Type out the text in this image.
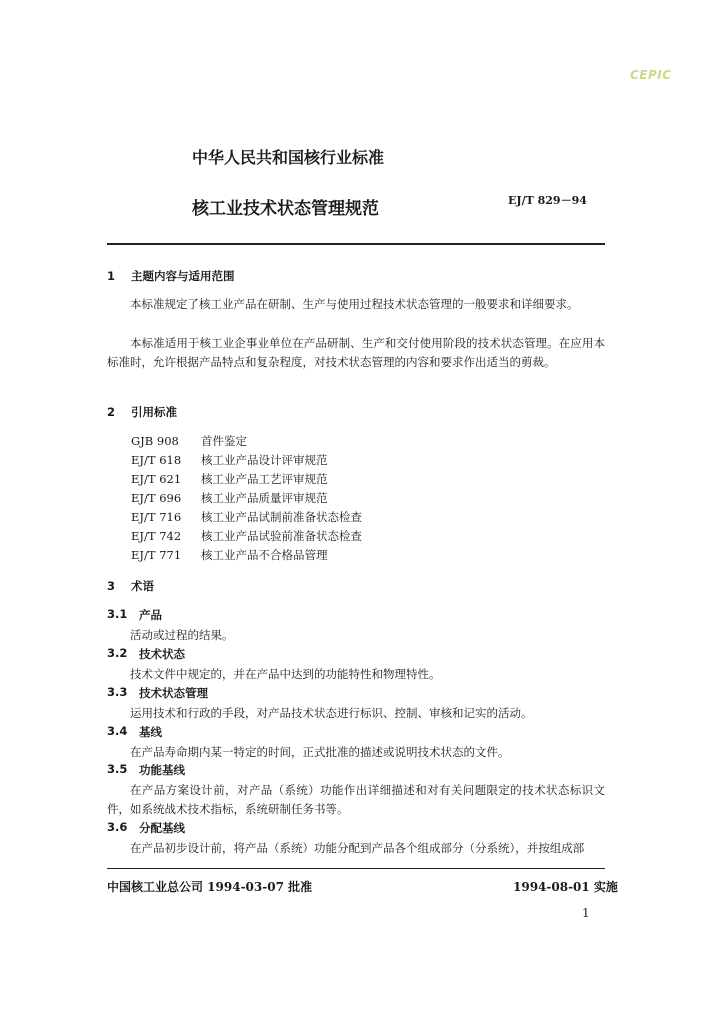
CEPIC
中华人民共和国核行业标准
核工业技术状态管理规范	EJ/T 829－94
1 主题内容与适用范围
本标准规定了核工业产品在研制、生产与使用过程技术状态管理的一般要求和详细要求。
本标准适用于核工业企事业单位在产品研制、生产和交付使用阶段的技术状态管理。在应用本标准时，允许根据产品特点和复杂程度，对技术状态管理的内容和要求作出适当的剪裁。
2 引用标准
GJB 908 首件鉴定
EJ/T 618 核工业产品设计评审规范
EJ/T 621 核工业产品工艺评审规范
EJ/T 696 核工业产品质量评审规范
EJ/T 716 核工业产品试制前准备状态检查
EJ/T 742 核工业产品试验前准备状态检查
EJ/T 771 核工业产品不合格品管理
3 术语
3.1 产品
活动或过程的结果。
3.2 技术状态
技术文件中规定的，并在产品中达到的功能特性和物理特性。
3.3 技术状态管理
运用技术和行政的手段，对产品技术状态进行标识、控制、审核和记实的活动。
3.4 基线
在产品寿命期内某一特定的时间，正式批准的描述或说明技术状态的文件。
3.5 功能基线
在产品方案设计前，对产品（系统）功能作出详细描述和对有关问题限定的技术状态标识文件，如系统战术技术指标，系统研制任务书等。
3.6 分配基线
在产品初步设计前，将产品（系统）功能分配到产品各个组成部分（分系统），并按组成部
中国核工业总公司 1994-03-07 批准	1994-08-01 实施
1
